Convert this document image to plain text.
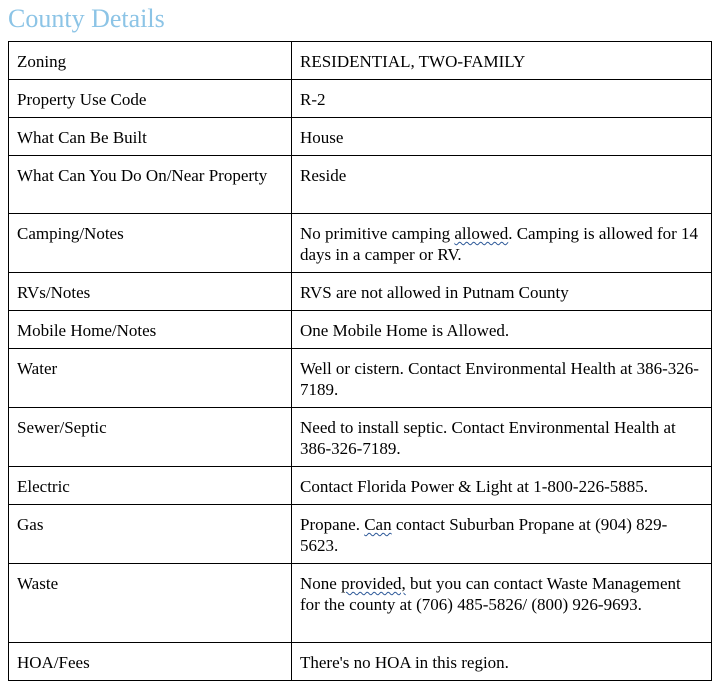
County Details
Zoning	RESIDENTIAL, TWO-FAMILY
Property Use Code	R-2
What Can Be Built	House
What Can You Do On/Near Property	Reside
Camping/Notes	No primitive camping allowed. Camping is allowed for 14 days in a camper or RV.
RVs/Notes	RVS are not allowed in Putnam County
Mobile Home/Notes	One Mobile Home is Allowed.
Water	Well or cistern. Contact Environmental Health at 386-326-7189.
Sewer/Septic	Need to install septic. Contact Environmental Health at 386-326-7189.
Electric	Contact Florida Power & Light at 1-800-226-5885.
Gas	Propane. Can contact Suburban Propane at (904) 829-5623.
Waste	None provided, but you can contact Waste Management for the county at (706) 485-5826/ (800) 926-9693.
HOA/Fees	There's no HOA in this region.
